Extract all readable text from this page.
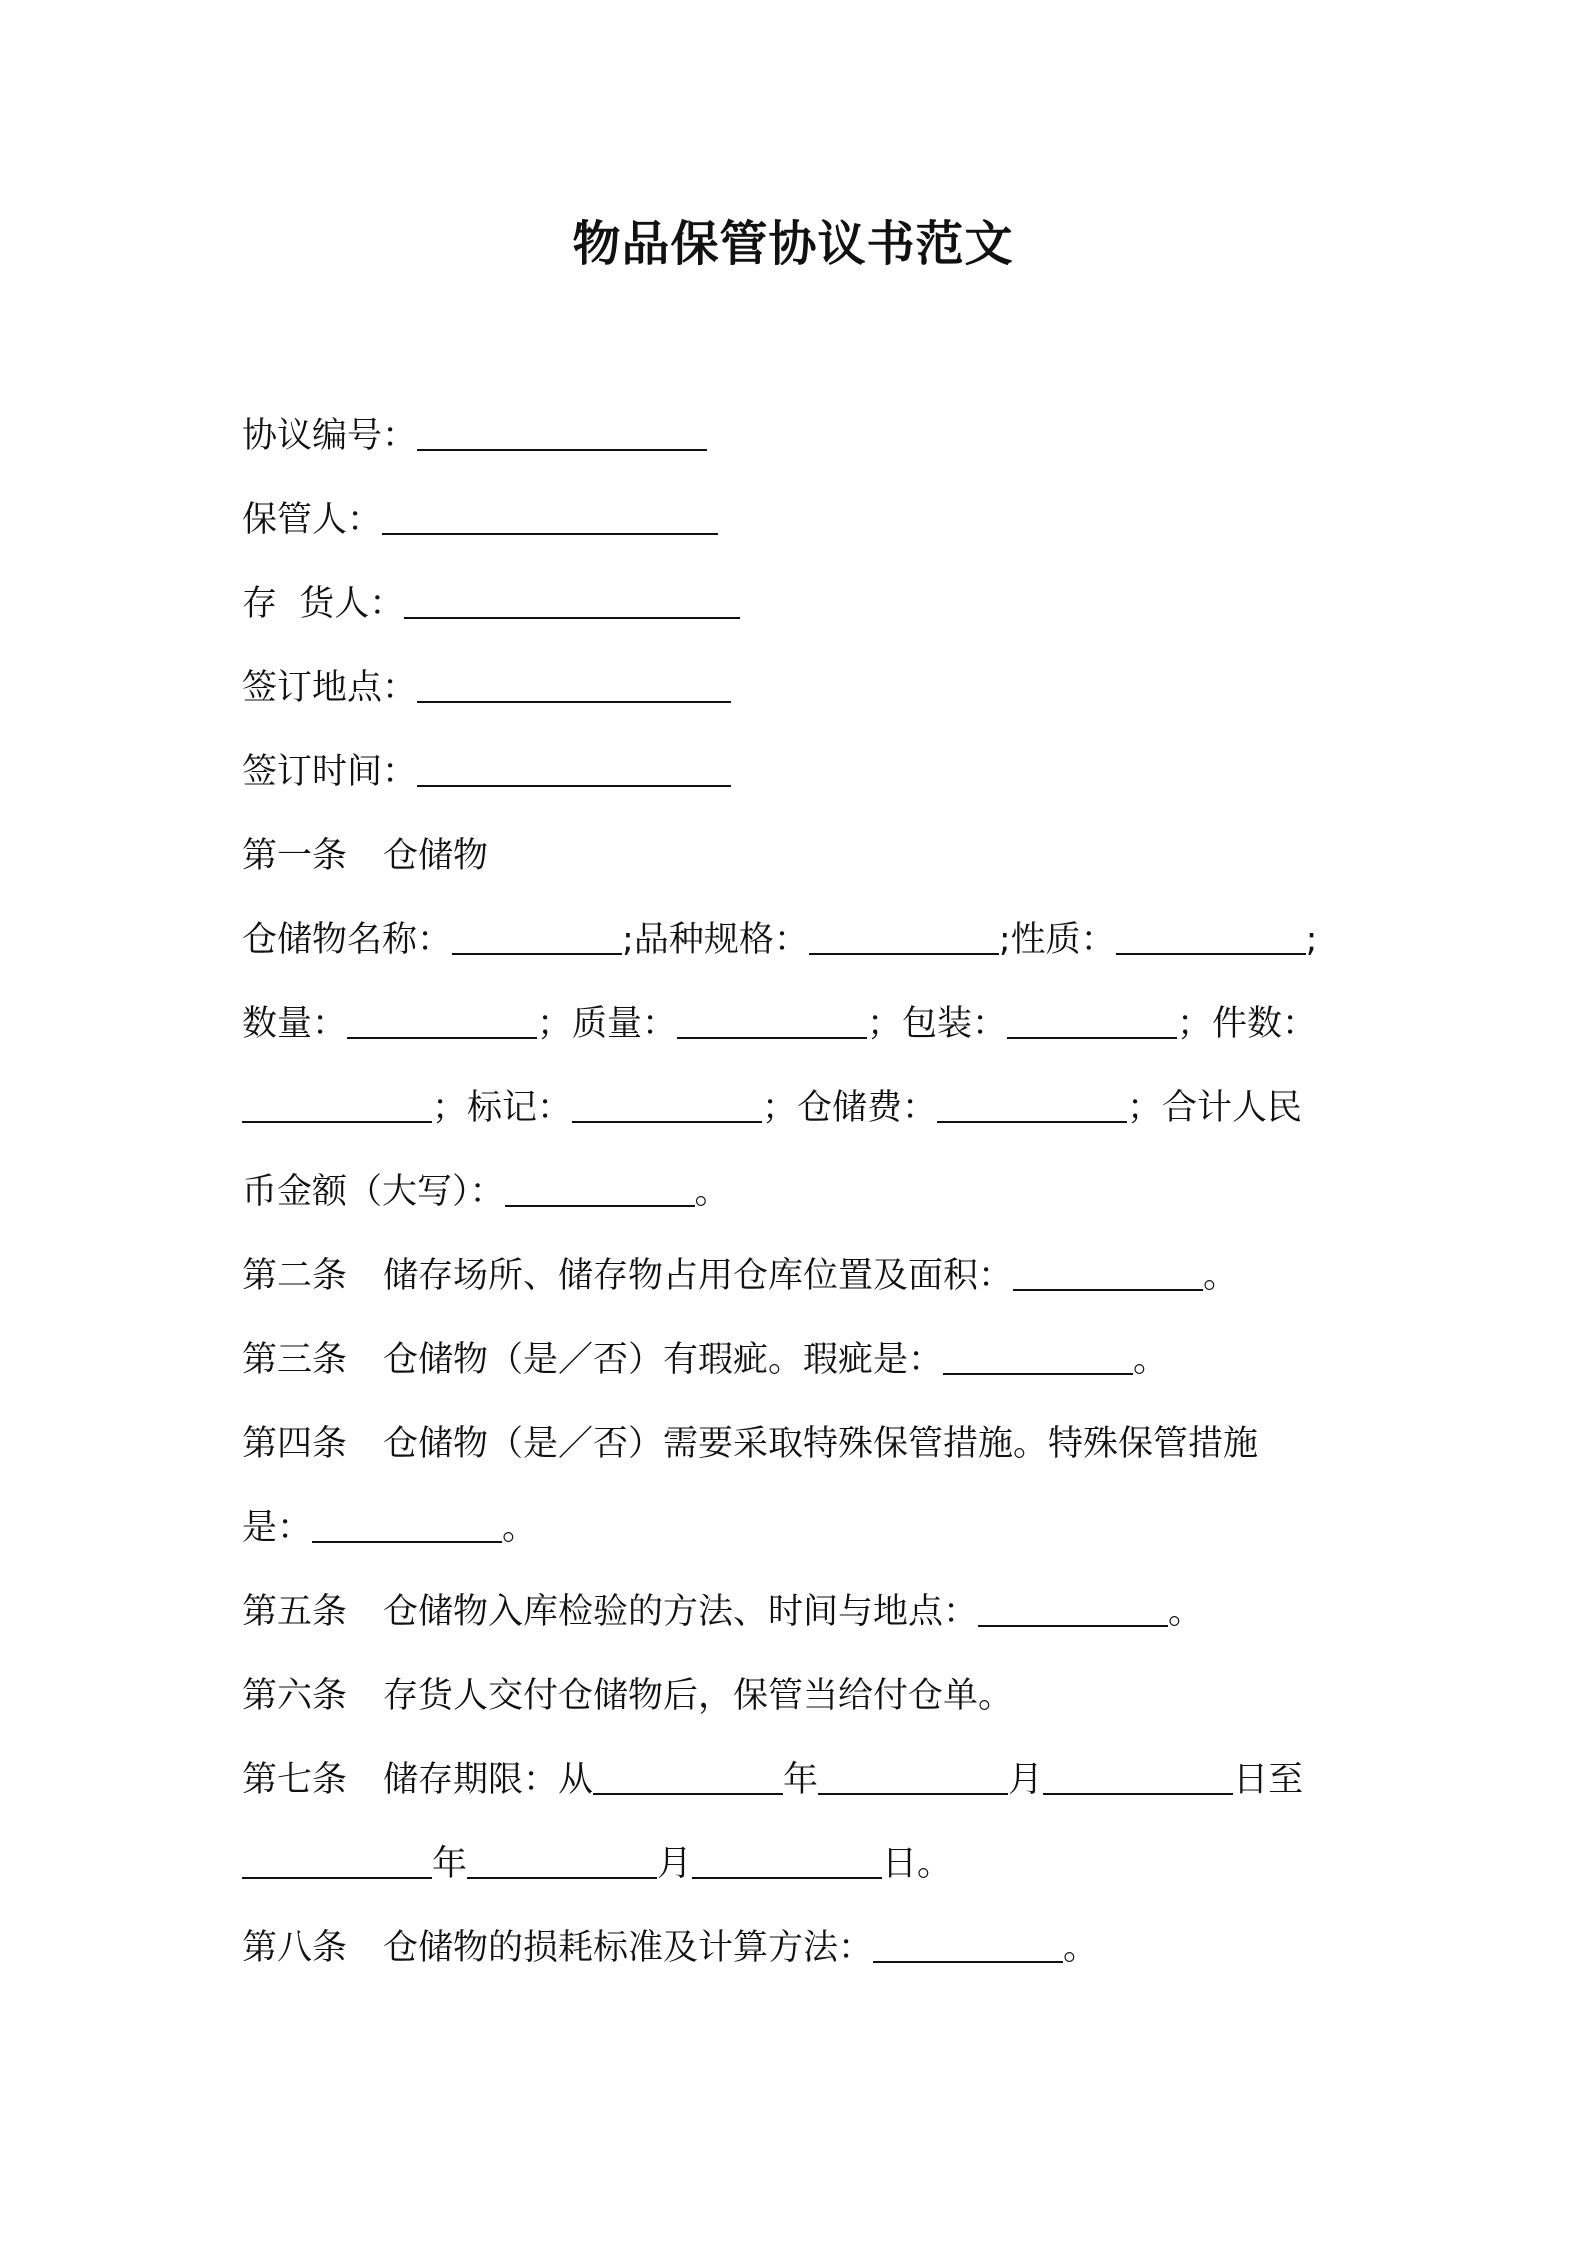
物品保管协议书范文
协议编号：
保管人：
存  货人：
签订地点：
签订时间：
第一条 仓储物
仓储物名称：	;品种规格：	;性质：	;
数量：	；质量：	；包装：	；件数：
；标记：	；仓储费：	；合计人民
币金额（大写）：	。
第二条 储存场所、储存物占用仓库位置及面积：	。
第三条 仓储物（是／否）有瑕疵。瑕疵是：	。
第四条 仓储物（是／否）需要采取特殊保管措施。特殊保管措施
是：	。
第五条 仓储物入库检验的方法、时间与地点：	。
第六条 存货人交付仓储物后，保管当给付仓单。
第七条 储存期限：从	年	月	日至
年	月	日。
第八条 仓储物的损耗标准及计算方法：	。
